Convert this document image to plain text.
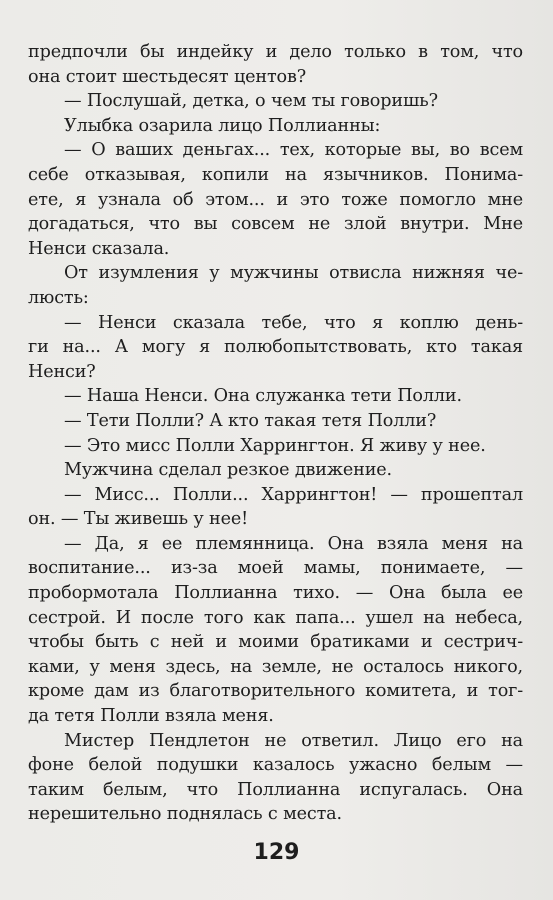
предпочли бы индейку и дело только в том, что
она стоит шестьдесят центов?
— Послушай, детка, о чем ты говоришь?
Улыбка озарила лицо Поллианны:
— О ваших деньгах... тех, которые вы, во всем
себе отказывая, копили на язычников. Понима-
ете, я узнала об этом... и это тоже помогло мне
догадаться, что вы совсем не злой внутри. Мне
Ненси сказала.
От изумления у мужчины отвисла нижняя че-
люсть:
— Ненси сказала тебе, что я коплю день-
ги на... А могу я полюбопытствовать, кто такая
Ненси?
— Наша Ненси. Она служанка тети Полли.
— Тети Полли? А кто такая тетя Полли?
— Это мисс Полли Харрингтон. Я живу у нее.
Мужчина сделал резкое движение.
— Мисс... Полли... Харрингтон! — прошептал
он. — Ты живешь у нее!
— Да, я ее племянница. Она взяла меня на
воспитание... из-за моей мамы, понимаете, —
пробормотала Поллианна тихо. — Она была ее
сестрой. И после того как папа... ушел на небеса,
чтобы быть с ней и моими братиками и сестрич-
ками, у меня здесь, на земле, не осталось никого,
кроме дам из благотворительного комитета, и тог-
да тетя Полли взяла меня.
Мистер Пендлетон не ответил. Лицо его на
фоне белой подушки казалось ужасно белым —
таким белым, что Поллианна испугалась. Она
нерешительно поднялась с места.
129
